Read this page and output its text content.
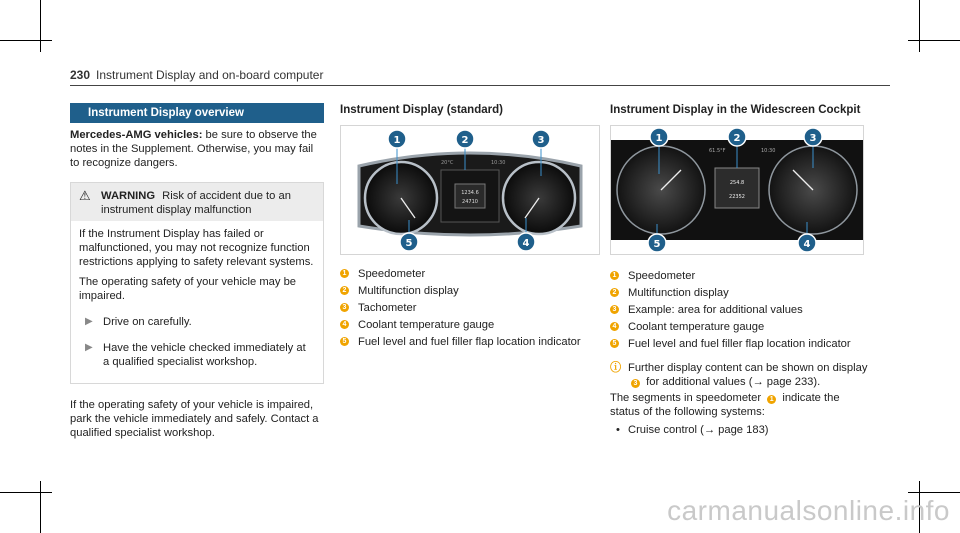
230 Instrument Display and on-board computer
Instrument Display overview

Mercedes-AMG vehicles: be sure to observe the notes in the Supplement. Otherwise, you may fail to recognize dangers.

⚠ WARNING Risk of accident due to an instrument display malfunction

If the Instrument Display has failed or malfunctioned, you may not recognize function restrictions applying to safety relevant systems.

The operating safety of your vehicle may be impaired.

▶ Drive on carefully.
▶ Have the vehicle checked immediately at a qualified specialist workshop.

If the operating safety of your vehicle is impaired, park the vehicle immediately and safely. Contact a qualified specialist workshop.

Instrument Display (standard)
20°C	10:30
1234.6
24710
1	2	3
4
5
1 Speedometer
2 Multifunction display
3 Tachometer
4 Coolant temperature gauge
5 Fuel level and fuel filler flap location indicator
Instrument Display in the Widescreen Cockpit
61.5°F	10:30
254.8
22352
1	2	3
4
5
1 Speedometer
2 Multifunction display
3 Example: area for additional values
4 Coolant temperature gauge
5 Fuel level and fuel filler flap location indicator
ⓘ Further display content can be shown on display 3 for additional values (→ page 233).

The segments in speedometer 1 indicate the status of the following systems:

• Cruise control (→ page 183)
carmanualsonline.info
